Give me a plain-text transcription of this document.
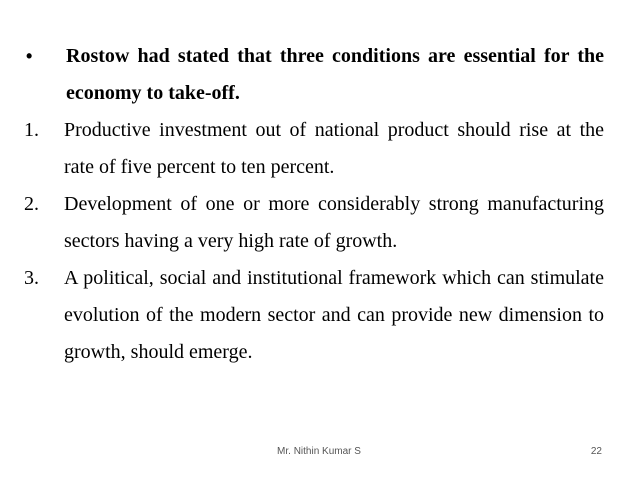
•	Rostow had stated that three conditions are essential for the economy to take-off.
1.	Productive investment out of national product should rise at the rate of five percent to ten percent.
2.	Development of one or more considerably strong manufacturing sectors having a very high rate of growth.
3.	A political, social and institutional framework which can stimulate evolution of the modern sector and can provide new dimension to growth, should emerge.
Mr. Nithin Kumar S	22
